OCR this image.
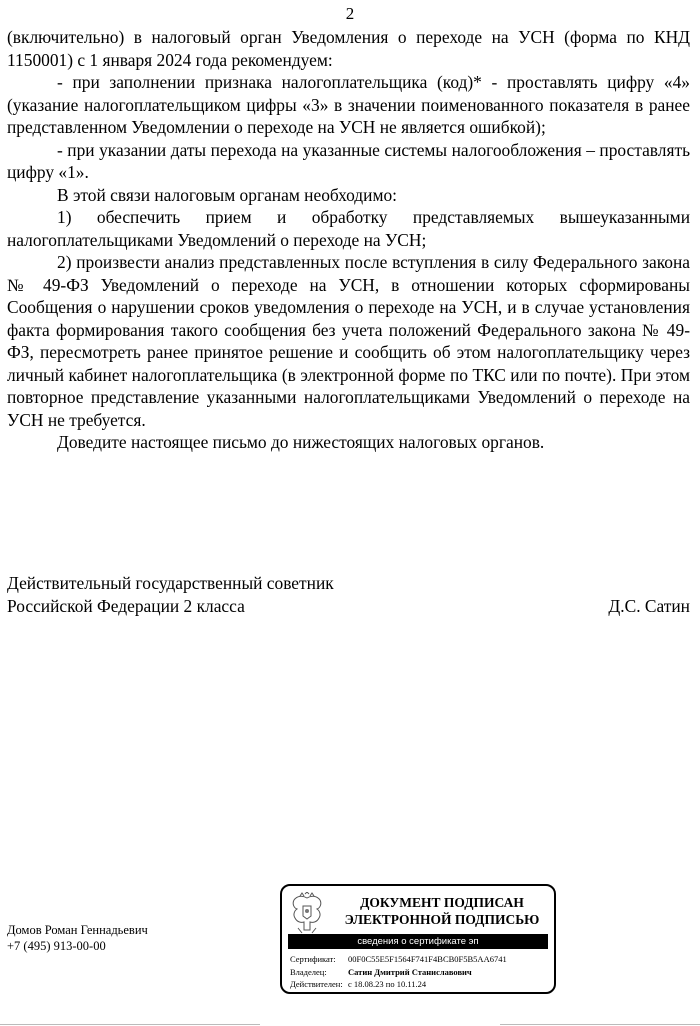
2

(включительно) в налоговый орган Уведомления о переходе на УСН (форма по КНД 1150001) с 1 января 2024 года рекомендуем:

- при заполнении признака налогоплательщика (код)* - проставлять цифру «4» (указание налогоплательщиком цифры «3» в значении поименованного показателя в ранее представленном Уведомлении о переходе на УСН не является ошибкой);

- при указании даты перехода на указанные системы налогообложения – проставлять цифру «1».

В этой связи налоговым органам необходимо:

1) обеспечить прием и обработку представляемых вышеуказанными налогоплательщиками Уведомлений о переходе на УСН;

2) произвести анализ представленных после вступления в силу Федерального закона № 49-ФЗ Уведомлений о переходе на УСН, в отношении которых сформированы Сообщения о нарушении сроков уведомления о переходе на УСН, и в случае установления факта формирования такого сообщения без учета положений Федерального закона № 49-ФЗ, пересмотреть ранее принятое решение и сообщить об этом налогоплательщику через личный кабинет налогоплательщика (в электронной форме по ТКС или по почте). При этом повторное представление указанными налогоплательщиками Уведомлений о переходе на УСН не требуется.

Доведите настоящее письмо до нижестоящих налоговых органов.

Действительный государственный советник
Российской Федерации 2 класса	Д.С. Сатин
Домов Роман Геннадьевич
+7 (495) 913-00-00
ДОКУМЕНТ ПОДПИСАН
ЭЛЕКТРОННОЙ ПОДПИСЬЮ
сведения о сертификате эп
Сертификат:	00F0C55E5F1564F741F4BCB0F5B5AA6741
Владелец:	Сатин Дмитрий Станиславович
Действителен: с 18.08.23 по 10.11.24
